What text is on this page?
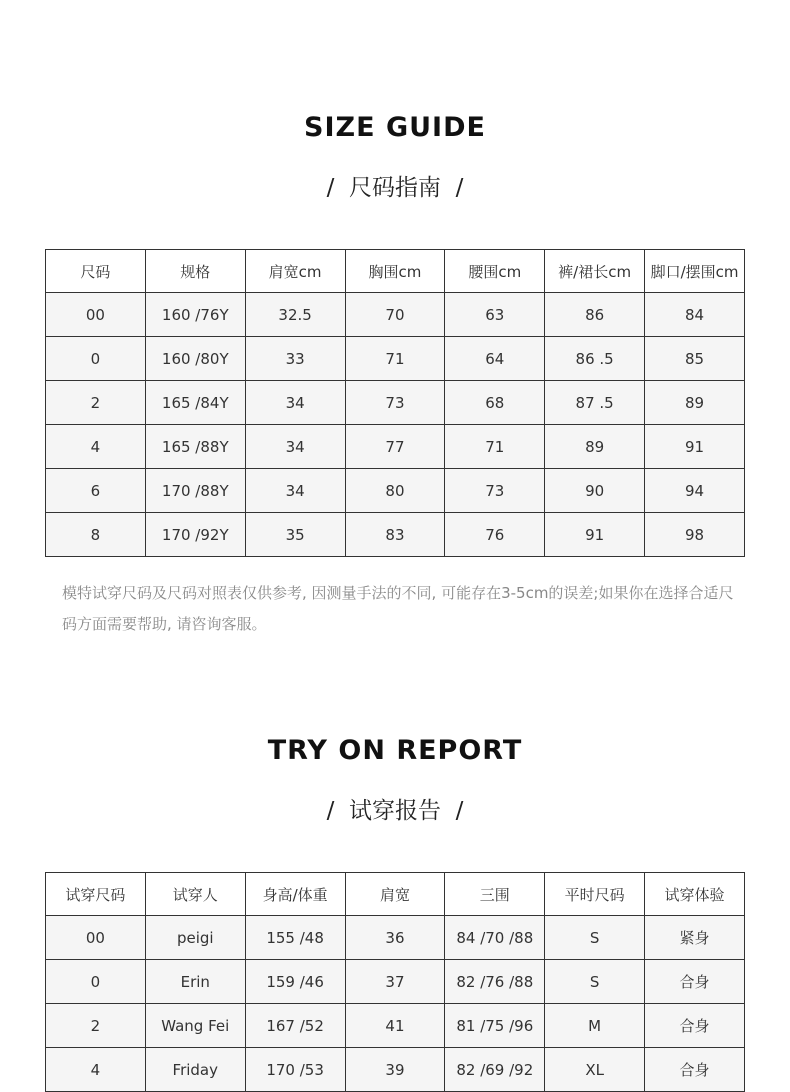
SIZE GUIDE
/  尺码指南  /
尺码	规格	肩宽cm	胸围cm	腰围cm	裤/裙长cm	脚口/摆围cm
00	160 /76Y	32.5	70	63	86	84
0	160 /80Y	33	71	64	86 .5	85
2	165 /84Y	34	73	68	87 .5	89
4	165 /88Y	34	77	71	89	91
6	170 /88Y	34	80	73	90	94
8	170 /92Y	35	83	76	91	98
模特试穿尺码及尺码对照表仅供参考, 因测量手法的不同, 可能存在3-5cm的误差;如果你在选择合适尺码方面需要帮助, 请咨询客服。
TRY ON REPORT
/  试穿报告  /
试穿尺码	试穿人	身高/体重	肩宽	三围	平时尺码	试穿体验
00	peigi	155 /48	36	84 /70 /88	S	紧身
0	Erin	159 /46	37	82 /76 /88	S	合身
2	Wang Fei	167 /52	41	81 /75 /96	M	合身
4	Friday	170 /53	39	82 /69 /92	XL	合身
